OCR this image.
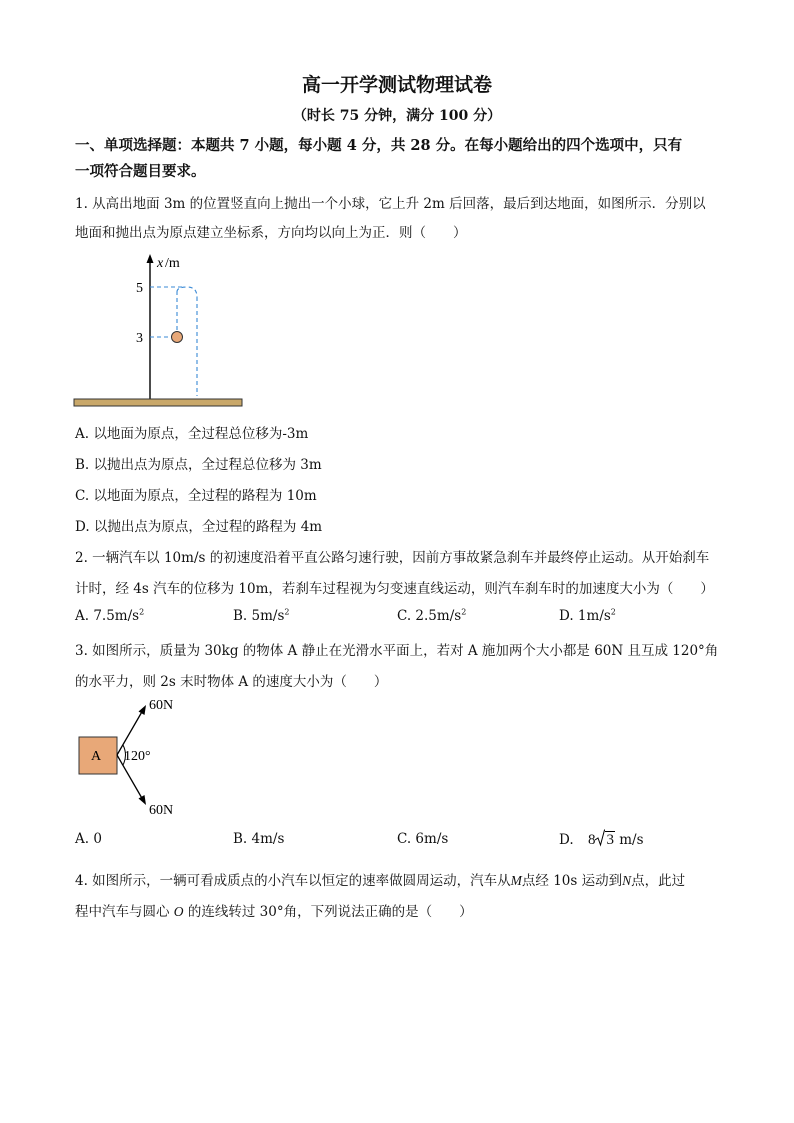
高一开学测试物理试卷
（时长 75 分钟，满分 100 分）
一、单项选择题：本题共 7 小题，每小题 4 分，共 28 分。在每小题给出的四个选项中，只有
一项符合题目要求。
1. 从高出地面 3m 的位置竖直向上抛出一个小球，它上升 2m 后回落，最后到达地面，如图所示．分别以
地面和抛出点为原点建立坐标系，方向均以向上为正．则（　　）
x /m
5
3
A. 以地面为原点，全过程总位移为-3m
B. 以抛出点为原点，全过程总位移为 3m
C. 以地面为原点，全过程的路程为 10m
D. 以抛出点为原点，全过程的路程为 4m
2. 一辆汽车以 10m/s 的初速度沿着平直公路匀速行驶，因前方事故紧急刹车并最终停止运动。从开始刹车
计时，经 4s 汽车的位移为 10m，若刹车过程视为匀变速直线运动，则汽车刹车时的加速度大小为（　　）
A. $7.5m/s^2$	B. $5m/s^2$	C. $2.5m/s^2$	D. $1m/s^2$
3. 如图所示，质量为 30kg 的物体 A 静止在光滑水平面上，若对 A 施加两个大小都是 60N 且互成 120°角
的水平力，则 2s 末时物体 A 的速度大小为（　　）
A 120°
60N
60N
A. 0	B. 4m/s	C. 6m/s	D. 8 3 m/s
4. 如图所示，一辆可看成质点的小汽车以恒定的速率做圆周运动，汽车从M点经 10s 运动到N点，此过
程中汽车与圆心 O 的连线转过 30°角，下列说法正确的是（　　）
